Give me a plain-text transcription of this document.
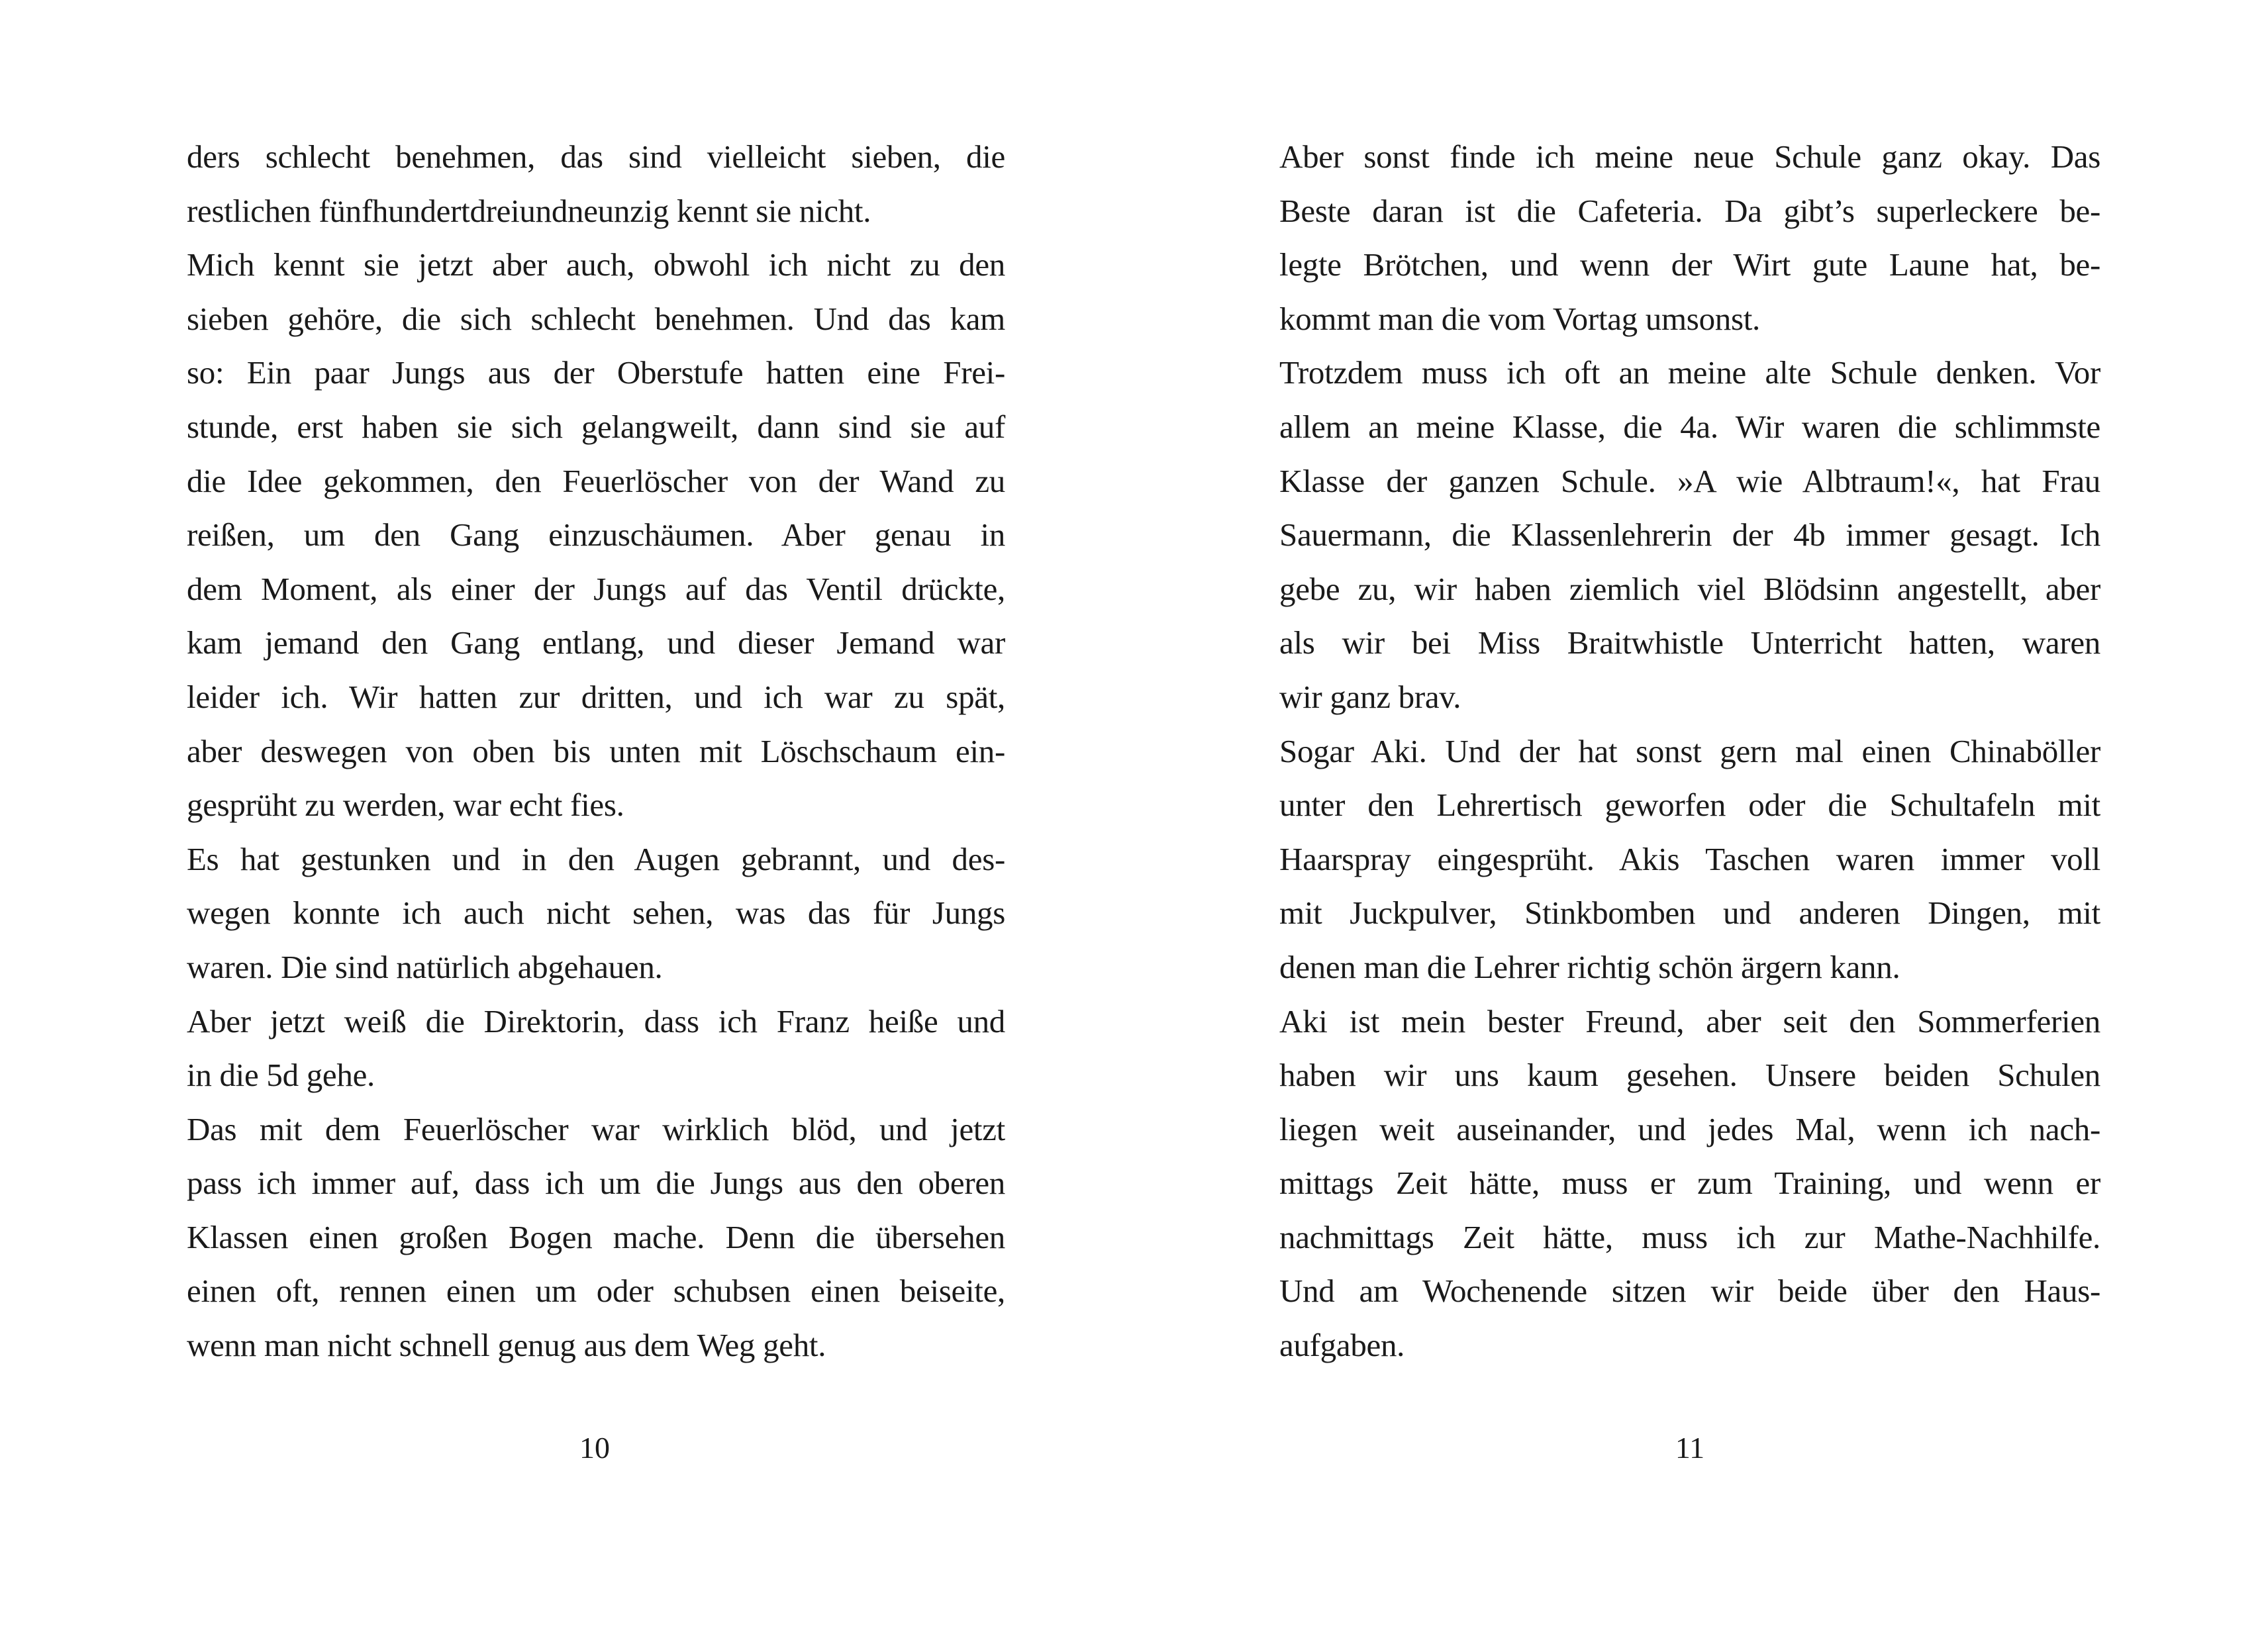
ders schlecht benehmen, das sind vielleicht sieben, die
restlichen fünfhundertdreiundneunzig kennt sie nicht.
Mich kennt sie jetzt aber auch, obwohl ich nicht zu den
sieben gehöre, die sich schlecht benehmen. Und das kam
so: Ein paar Jungs aus der Oberstufe hatten eine Frei-
stunde, erst haben sie sich gelangweilt, dann sind sie auf
die Idee gekommen, den Feuerlöscher von der Wand zu
reißen, um den Gang einzuschäumen. Aber genau in
dem Moment, als einer der Jungs auf das Ventil drückte,
kam jemand den Gang entlang, und dieser Jemand war
leider ich. Wir hatten zur dritten, und ich war zu spät,
aber deswegen von oben bis unten mit Löschschaum ein-
gesprüht zu werden, war echt fies.
Es hat gestunken und in den Augen gebrannt, und des-
wegen konnte ich auch nicht sehen, was das für Jungs
waren. Die sind natürlich abgehauen.
Aber jetzt weiß die Direktorin, dass ich Franz heiße und
in die 5d gehe.
Das mit dem Feuerlöscher war wirklich blöd, und jetzt
pass ich immer auf, dass ich um die Jungs aus den oberen
Klassen einen großen Bogen mache. Denn die übersehen
einen oft, rennen einen um oder schubsen einen beiseite,
wenn man nicht schnell genug aus dem Weg geht.
Aber sonst finde ich meine neue Schule ganz okay. Das
Beste daran ist die Cafeteria. Da gibt’s superleckere be-
legte Brötchen, und wenn der Wirt gute Laune hat, be-
kommt man die vom Vortag umsonst.
Trotzdem muss ich oft an meine alte Schule denken. Vor
allem an meine Klasse, die 4a. Wir waren die schlimmste
Klasse der ganzen Schule. »A wie Albtraum!«, hat Frau
Sauermann, die Klassenlehrerin der 4b immer gesagt. Ich
gebe zu, wir haben ziemlich viel Blödsinn angestellt, aber
als wir bei Miss Braitwhistle Unterricht hatten, waren
wir ganz brav.
Sogar Aki. Und der hat sonst gern mal einen Chinaböller
unter den Lehrertisch geworfen oder die Schultafeln mit
Haarspray eingesprüht. Akis Taschen waren immer voll
mit Juckpulver, Stinkbomben und anderen Dingen, mit
denen man die Lehrer richtig schön ärgern kann.
Aki ist mein bester Freund, aber seit den Sommerferien
haben wir uns kaum gesehen. Unsere beiden Schulen
liegen weit auseinander, und jedes Mal, wenn ich nach-
mittags Zeit hätte, muss er zum Training, und wenn er
nachmittags Zeit hätte, muss ich zur Mathe-Nachhilfe.
Und am Wochenende sitzen wir beide über den Haus-
aufgaben.
10	11
